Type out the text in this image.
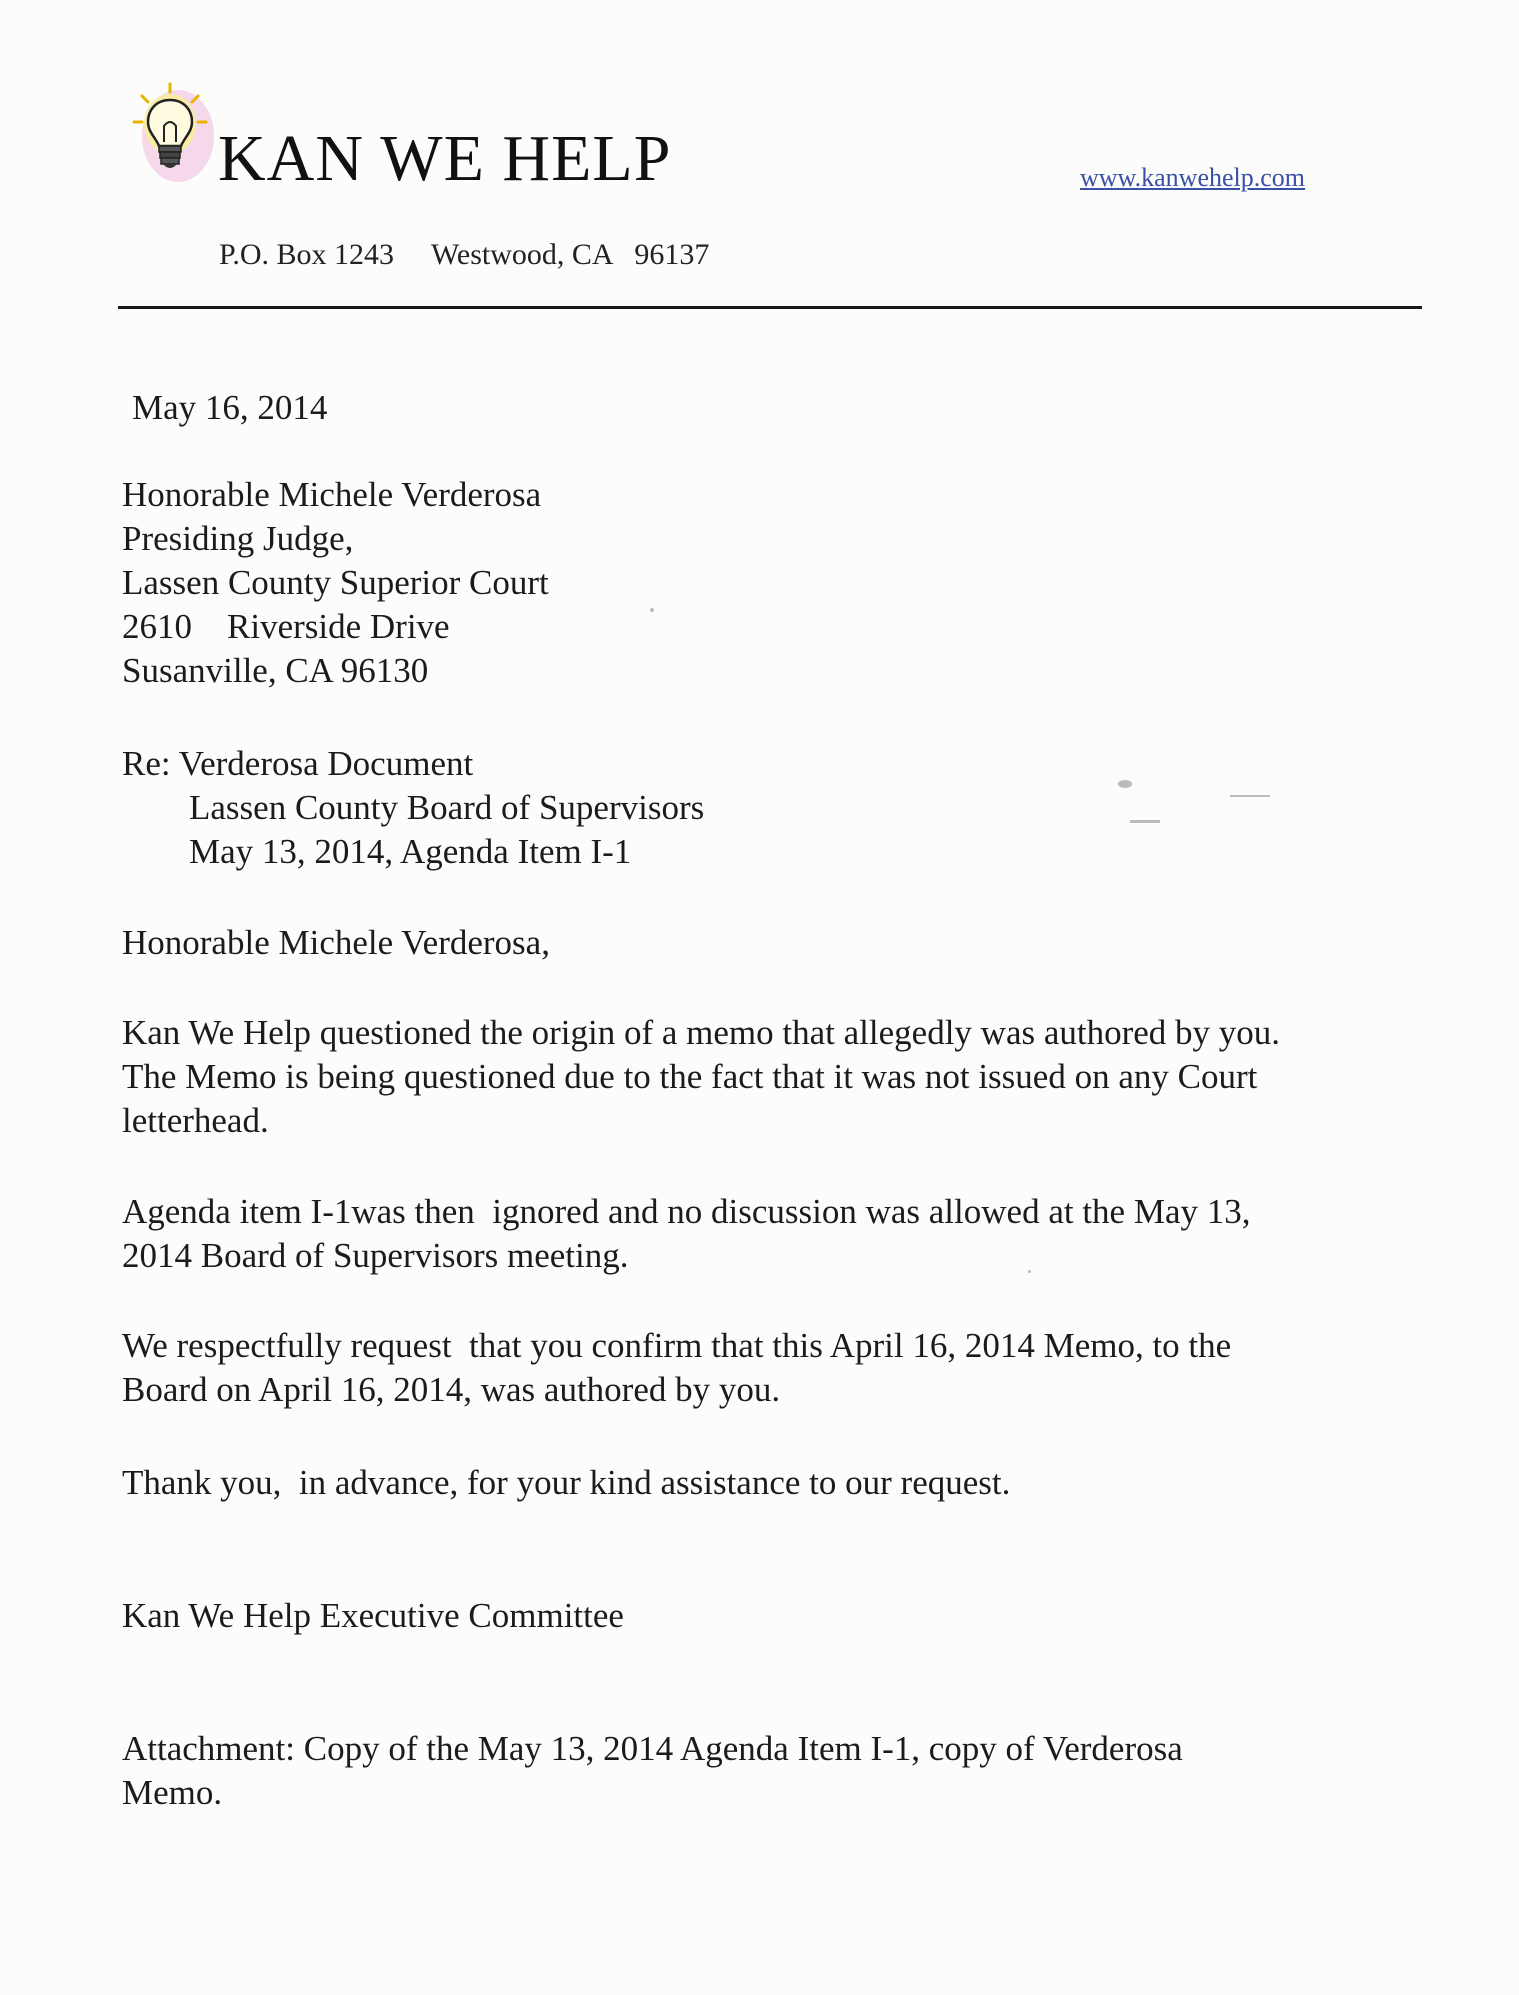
KAN WE HELP	www.kanwehelp.com
P.O. Box 1243     Westwood, CA   96137
May 16, 2014
Honorable Michele Verderosa
Presiding Judge,
Lassen County Superior Court
2610    Riverside Drive
Susanville, CA 96130
Re: Verderosa Document
Lassen County Board of Supervisors
May 13, 2014, Agenda Item I-1
Honorable Michele Verderosa,
Kan We Help questioned the origin of a memo that allegedly was authored by you.
The Memo is being questioned due to the fact that it was not issued on any Court
letterhead.
Agenda item I-1was then  ignored and no discussion was allowed at the May 13,
2014 Board of Supervisors meeting.
We respectfully request  that you confirm that this April 16, 2014 Memo, to the
Board on April 16, 2014, was authored by you.
Thank you,  in advance, for your kind assistance to our request.
Kan We Help Executive Committee
Attachment: Copy of the May 13, 2014 Agenda Item I-1, copy of Verderosa
Memo.
